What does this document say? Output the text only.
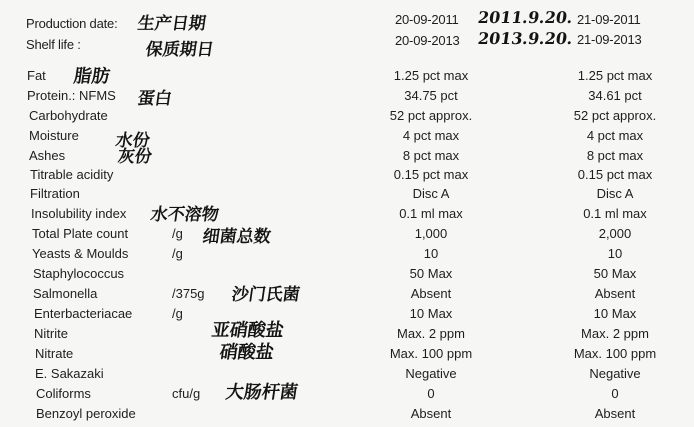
Production date: 生产日期
Shelf life :	保质期日
20-09-2011 2011.9.20. 21-09-2011
20-09-2013 2013.9.20. 21-09-2013
Fat 脂肪	1.25 pct max	1.25 pct max
Protein.: NFMS 蛋白	34.75 pct	34.61 pct
Carbohydrate	52 pct approx.	52 pct approx.
Moisture 水份	4 pct max	4 pct max
Ashes	灰份	8 pct max	8 pct max
Titrable acidity	0.15 pct max	0.15 pct max
Filtration	Disc A	Disc A
Insolubility index 水不溶物	0.1 ml max	0.1 ml max
Total Plate count	/g 细菌总数	1,000	2,000
Yeasts & Moulds	/g	10	10
Staphylococcus	50 Max	50 Max
Salmonella	/375g 沙门氏菌	Absent	Absent
Enterbacteriacae	/g	10 Max	10 Max
Nitrite	亚硝酸盐	Max. 2 ppm	Max. 2 ppm
Nitrate	硝酸盐	Max. 100 ppm	Max. 100 ppm
E. Sakazaki	Negative	Negative
Coliforms	cfu/g 大肠杆菌	0	0
Benzoyl peroxide	Absent	Absent
